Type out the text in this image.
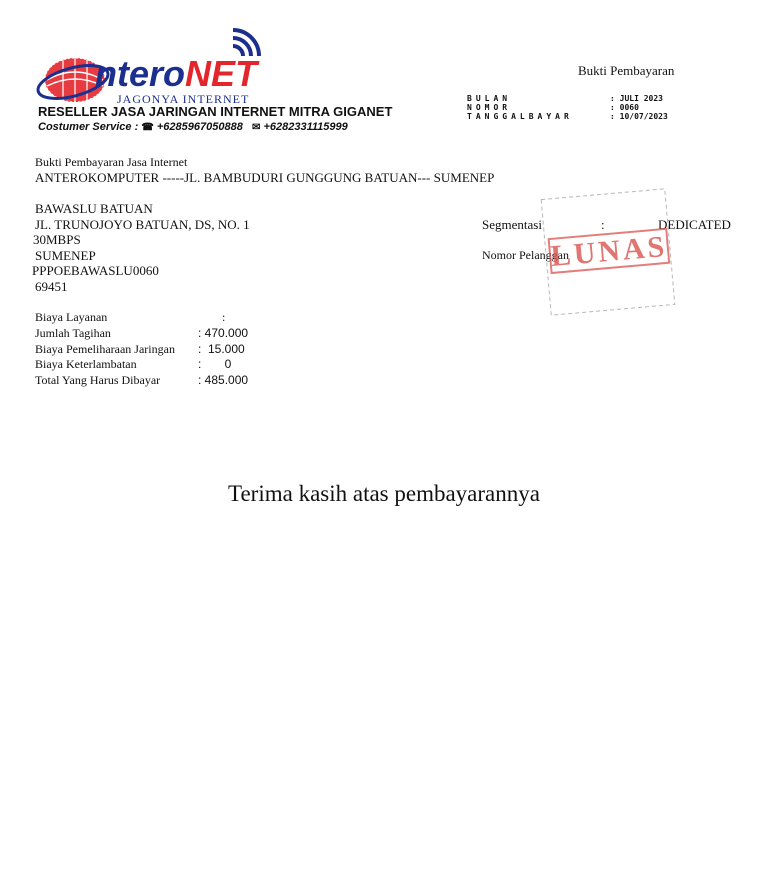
nteroNET
JAGONYA INTERNET
RESELLER JASA JARINGAN INTERNET MITRA GIGANET
Costumer Service : ☎ +6285967050888 ✉ +6282331115999
Bukti Pembayaran
BULAN	: JULI 2023
NOMOR	: 0060
TANGGALBAYAR	: 10/07/2023
Bukti Pembayaran Jasa Internet
ANTEROKOMPUTER -----JL. BAMBUDURI GUNGGUNG BATUAN--- SUMENEP
BAWASLU BATUAN
JL. TRUNOJOYO BATUAN, DS, NO. 1
30MBPS
SUMENEP
PPPOEBAWASLU0060
69451
Segmentasi	:	DEDICATED
Nomor Pelanggan
LUNAS
Biaya Layanan	:
Jumlah Tagihan	: 470.000
Biaya Pemeliharaan Jaringan :  15.000
Biaya Keterlambatan	:       0
Total Yang Harus Dibayar	: 485.000
Terima kasih atas pembayarannya
